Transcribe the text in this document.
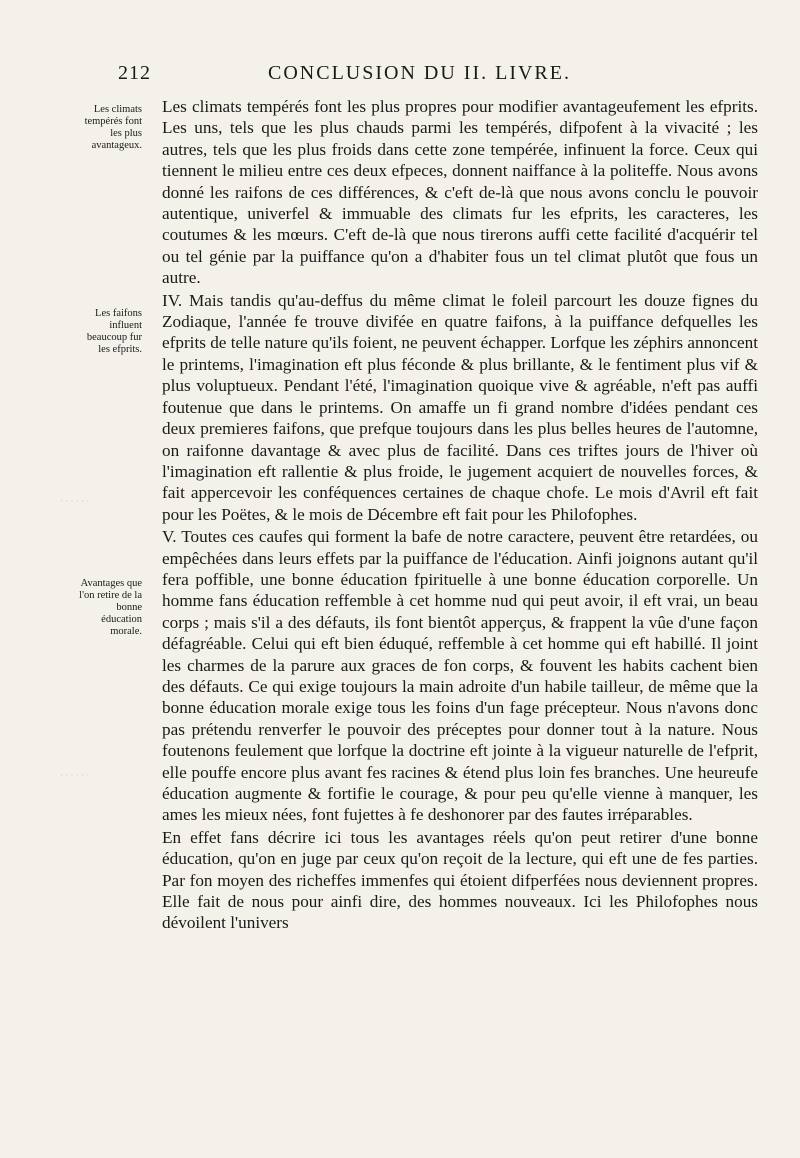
212	CONCLUSION DU II. LIVRE.
Les climats tempérés font les plus avantageux.
Les faifons influent beaucoup fur les efprits.
Avantages que l'on retire de la bonne éducation morale.
· · · · · ·
· · · · · ·

Les climats tempérés font les plus propres pour modifier avantageufement les efprits. Les uns, tels que les plus chauds parmi les tempérés, difpofent à la vivacité ; les autres, tels que les plus froids dans cette zone tempérée, infinuent la force. Ceux qui tiennent le milieu entre ces deux efpeces, donnent naiffance à la politeffe. Nous avons donné les raifons de ces différences, & c'eft de-là que nous avons conclu le pouvoir autentique, univerfel & immuable des climats fur les efprits, les caracteres, les coutumes & les mœurs. C'eft de-là que nous tirerons auffi cette facilité d'acquérir tel ou tel génie par la puiffance qu'on a d'habiter fous un tel climat plutôt que fous un autre.

IV. Mais tandis qu'au-deffus du même climat le foleil parcourt les douze fignes du Zodiaque, l'année fe trouve divifée en quatre faifons, à la puiffance defquelles les efprits de telle nature qu'ils foient, ne peuvent échapper. Lorfque les zéphirs annoncent le printems, l'imagination eft plus féconde & plus brillante, & le fentiment plus vif & plus voluptueux. Pendant l'été, l'imagination quoique vive & agréable, n'eft pas auffi foutenue que dans le printems. On amaffe un fi grand nombre d'idées pendant ces deux premieres faifons, que prefque toujours dans les plus belles heures de l'automne, on raifonne davantage & avec plus de facilité. Dans ces triftes jours de l'hiver où l'imagination eft rallentie & plus froide, le jugement acquiert de nouvelles forces, & fait appercevoir les conféquences certaines de chaque chofe. Le mois d'Avril eft fait pour les Poëtes, & le mois de Décembre eft fait pour les Philofophes.

V. Toutes ces caufes qui forment la bafe de notre caractere, peuvent être retardées, ou empêchées dans leurs effets par la puiffance de l'éducation. Ainfi joignons autant qu'il fera poffible, une bonne éducation fpirituelle à une bonne éducation corporelle. Un homme fans éducation reffemble à cet homme nud qui peut avoir, il eft vrai, un beau corps ; mais s'il a des défauts, ils font bientôt apperçus, & frappent la vûe d'une façon défagréable. Celui qui eft bien éduqué, reffemble à cet homme qui eft habillé. Il joint les charmes de la parure aux graces de fon corps, & fouvent les habits cachent bien des défauts. Ce qui exige toujours la main adroite d'un habile tailleur, de même que la bonne éducation morale exige tous les foins d'un fage précepteur. Nous n'avons donc pas prétendu renverfer le pouvoir des préceptes pour donner tout à la nature. Nous foutenons feulement que lorfque la doctrine eft jointe à la vigueur naturelle de l'efprit, elle pouffe encore plus avant fes racines & étend plus loin fes branches. Une heureufe éducation augmente & fortifie le courage, & pour peu qu'elle vienne à manquer, les ames les mieux nées, font fujettes à fe deshonorer par des fautes irréparables.

En effet fans décrire ici tous les avantages réels qu'on peut retirer d'une bonne éducation, qu'on en juge par ceux qu'on reçoit de la lecture, qui eft une de fes parties. Par fon moyen des richeffes immenfes qui étoient difperfées nous deviennent propres. Elle fait de nous pour ainfi dire, des hommes nouveaux. Ici les Philofophes nous dévoilent l'univers
